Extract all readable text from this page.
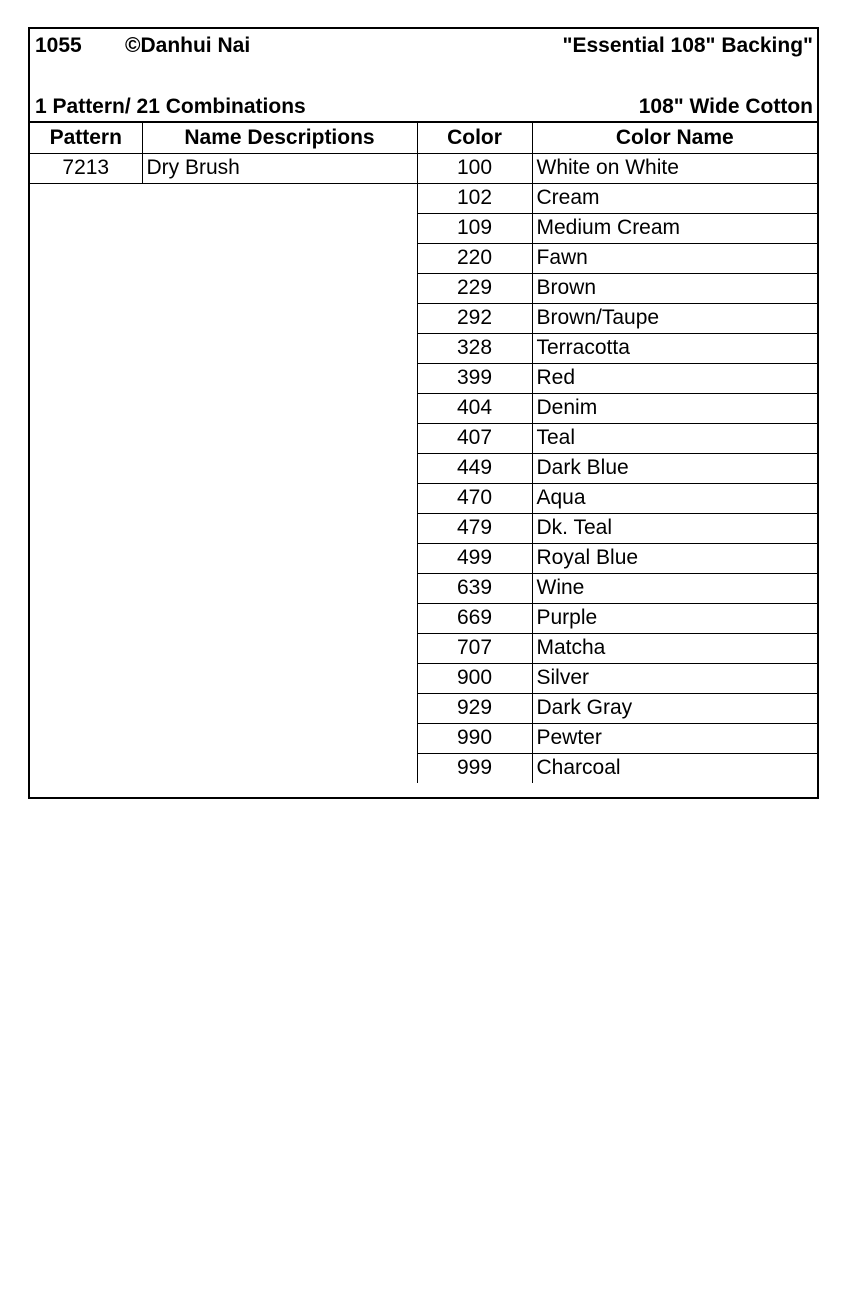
1055 ©Danhui Nai	"Essential 108" Backing"
1 Pattern/ 21 Combinations	108" Wide Cotton
Pattern	Name Descriptions	Color	Color Name
7213	Dry Brush	100	White on White
		102	Cream
		109	Medium Cream
		220	Fawn
		229	Brown
		292	Brown/Taupe
		328	Terracotta
		399	Red
		404	Denim
		407	Teal
		449	Dark Blue
		470	Aqua
		479	Dk. Teal
		499	Royal Blue
		639	Wine
		669	Purple
		707	Matcha
		900	Silver
		929	Dark Gray
		990	Pewter
		999	Charcoal
